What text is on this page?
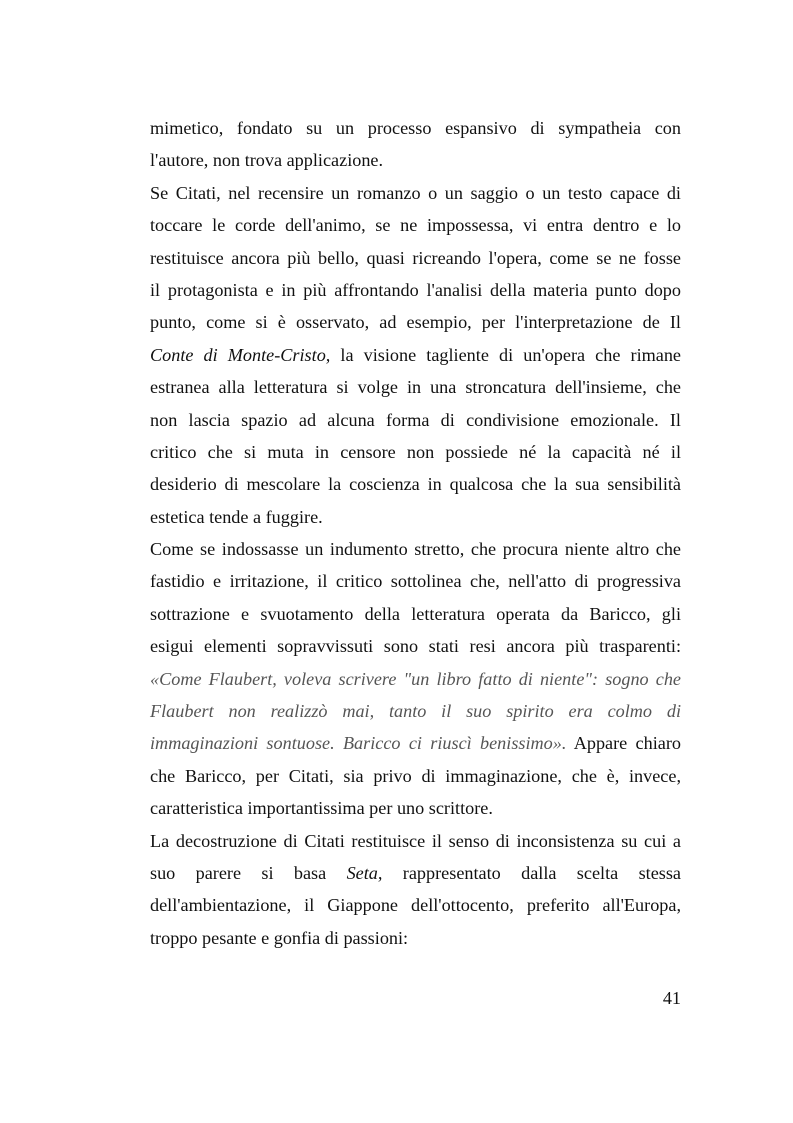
mimetico, fondato su un processo espansivo di sympatheia con
l'autore, non trova applicazione.
Se Citati, nel recensire un romanzo o un saggio o un testo capace di
toccare le corde dell'animo, se ne impossessa, vi entra dentro e lo
restituisce ancora più bello, quasi ricreando l'opera, come se ne fosse
il protagonista e in più affrontando l'analisi della materia punto dopo
punto, come si è osservato, ad esempio, per l'interpretazione de Il
Conte di Monte-Cristo, la visione tagliente di un'opera che rimane
estranea alla letteratura si volge in una stroncatura dell'insieme, che
non lascia spazio ad alcuna forma di condivisione emozionale. Il
critico che si muta in censore non possiede né la capacità né il
desiderio di mescolare la coscienza in qualcosa che la sua sensibilità
estetica tende a fuggire.
Come se indossasse un indumento stretto, che procura niente altro che
fastidio e irritazione, il critico sottolinea che, nell'atto di progressiva
sottrazione e svuotamento della letteratura operata da Baricco, gli
esigui elementi sopravvissuti sono stati resi ancora più trasparenti:
«Come Flaubert, voleva scrivere "un libro fatto di niente": sogno che
Flaubert non realizzò mai, tanto il suo spirito era colmo di
immaginazioni sontuose. Baricco ci riuscì benissimo». Appare chiaro
che Baricco, per Citati, sia privo di immaginazione, che è, invece,
caratteristica importantissima per uno scrittore.
La decostruzione di Citati restituisce il senso di inconsistenza su cui a
suo parere si basa Seta, rappresentato dalla scelta stessa
dell'ambientazione, il Giappone dell'ottocento, preferito all'Europa,
troppo pesante e gonfia di passioni:
41
